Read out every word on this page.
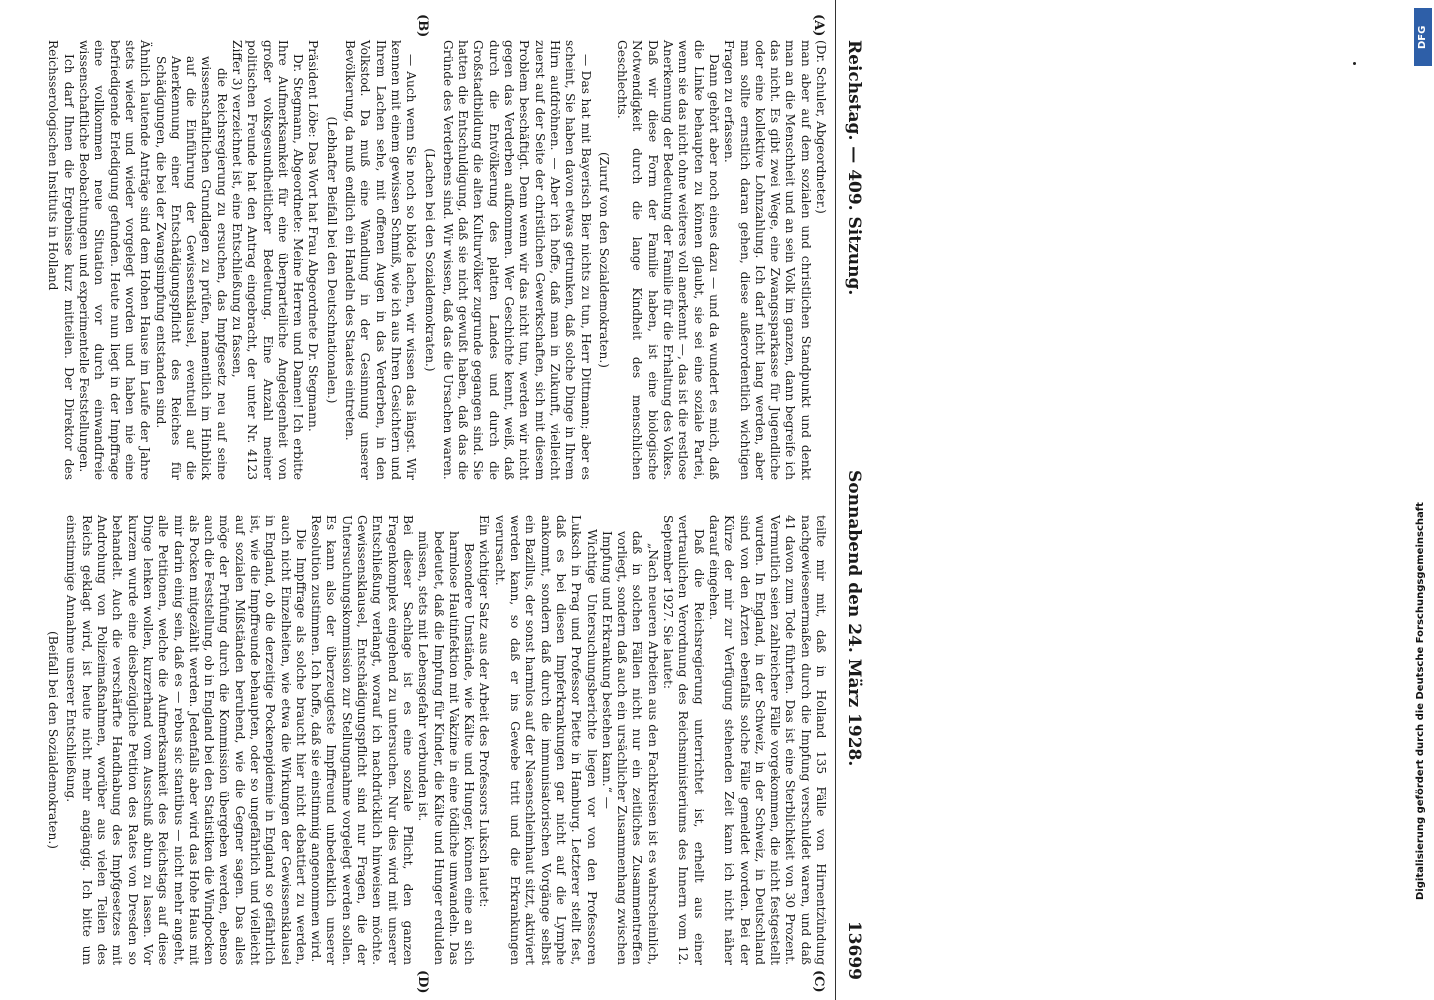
Reichstag. — 409. Sitzung.
Sonnabend den 24. März 1928.
13699
(A)
(B)
(C)
(D)

(Dr. Schuler, Abgeordneter.)

man aber auf dem sozialen und christlichen Standpunkt und denkt man an die Menschheit und an sein Volk im ganzen, dann begreife ich das nicht. Es gibt zwei Wege, eine Zwangssparkasse für Jugendliche oder eine kollektive Lohnzahlung. Ich darf nicht lang werden, aber man sollte ernstlich daran gehen, diese außerordentlich wichtigen Fragen zu erfassen.

Dann gehört aber noch eines dazu — und da wundert es mich, daß die Linke behaupten zu können glaubt, sie sei eine soziale Partei, wenn sie das nicht ohne weiteres voll anerkennt —, das ist die restlose Anerkennung der Bedeutung der Familie für die Erhaltung des Volkes. Daß wir diese Form der Familie haben, ist eine biologische Notwendigkeit durch die lange Kindheit des menschlichen Geschlechts.

(Zuruf von den Sozialdemokraten.)

— Das hat mit Bayerisch Bier nichts zu tun, Herr Dittmann; aber es scheint, Sie haben davon etwas getrunken, daß solche Dinge in Ihrem Hirn aufdröhnen. — Aber ich hoffe, daß man in Zukunft, vielleicht zuerst auf der Seite der christlichen Gewerkschaften, sich mit diesem Problem beschäftigt. Denn wenn wir das nicht tun, werden wir nicht gegen das Verderben aufkommen. Wer Geschichte kennt, weiß, daß durch die Entvölkerung des platten Landes und durch die Großstadtbildung die alten Kulturvölker zugrunde gegangen sind. Sie hatten die Entschuldigung, daß sie nicht gewußt haben, daß das die Gründe des Verderbens sind. Wir wissen, daß das die Ursachen waren.

(Lachen bei den Sozialdemokraten.)

— Auch wenn Sie noch so blöde lachen, wir wissen das längst. Wir kennen mit einem gewissen Schmiß, wie ich aus Ihren Gesichtern und Ihrem Lachen sehe, mit offenen Augen in das Verderben, in den Volkstod. Da muß eine Wandlung in der Gesinnung unserer Bevölkerung, da muß endlich ein Handeln des Staates eintreten.

(Lebhafter Beifall bei den Deutschnationalen.)

Präsident Löbe: Das Wort hat Frau Abgeordnete Dr. Stegmann.

Dr. Stegmann, Abgeordnete: Meine Herren und Damen! Ich erbitte Ihre Aufmerksamkeit für eine überparteiliche Angelegenheit von großer volksgesundheitlicher Bedeutung. Eine Anzahl meiner politischen Freunde hat den Antrag eingebracht, der unter Nr. 4123 Ziffer 3) verzeichnet ist, eine Entschließung zu fassen,

die Reichsregierung zu ersuchen, das Impfgesetz neu auf seine wissenschaftlichen Grundlagen zu prüfen, namentlich im Hinblick auf die Einführung der Gewissensklausel, eventuell auf die Anerkennung einer Entschädigungspflicht des Reiches für Schädigungen, die bei der Zwangsimpfung entstanden sind.

Ähnlich lautende Anträge sind dem Hohen Hause im Laufe der Jahre stets wieder und wieder vorgelegt worden und haben nie eine befriedigende Erledigung gefunden. Heute nun liegt in der Impffrage eine vollkommen neue Situation vor durch einwandfreie wissenschaftliche Beobachtungen und experimentelle Feststellungen.

Ich darf Ihnen die Ergebnisse kurz mitteilen. Der Direktor des Reichsserologischen Instituts in Holland

teilte mir mit, daß in Holland 135 Fälle von Hirnentzündung nachgewiesenermaßen durch die Impfung verschuldet waren, und daß 41 davon zum Tode führten. Das ist eine Sterblichkeit von 30 Prozent. Vermutlich seien zahlreichere Fälle vorgekommen, die nicht festgestellt wurden. In England, in der Schweiz, in der Schweiz, in Deutschland sind von den Ärzten ebenfalls solche Fälle gemeldet worden. Bei der Kürze der mir zur Verfügung stehenden Zeit kann ich nicht näher darauf eingehen.

Daß die Reichsregierung unterrichtet ist, erhellt aus einer vertraulichen Verordnung des Reichsministeriums des Innern vom 12. September 1927. Sie lautet:

„Nach neueren Arbeiten aus den Fachkreisen ist es wahrscheinlich, daß in solchen Fällen nicht nur ein zeitliches Zusammentreffen vorliegt, sondern daß auch ein ursächlicher Zusammenhang zwischen Impfung und Erkrankung bestehen kann.“ —

Wichtige Untersuchungsberichte liegen vor von den Professoren Luksch in Prag und Professor Piette in Hamburg. Letzterer stellt fest, daß es bei diesen Impferkrankungen gar nicht auf die Lymphe ankommt, sondern daß durch die immunisatorischen Vorgänge selbst ein Bazillus, der sonst harmlos auf der Nasenschleimhaut sitzt, aktiviert werden kann, so daß er ins Gewebe tritt und die Erkrankungen verursacht.

Ein wichtiger Satz aus der Arbeit des Professors Luksch lautet:

Besondere Umstände, wie Kälte und Hunger, können eine an sich harmlose Hautinfektion mit Vakzine in eine tödliche umwandeln. Das bedeutet, daß die Impfung für Kinder, die Kälte und Hunger erdulden müssen, stets mit Lebensgefahr verbunden ist.

Bei dieser Sachlage ist es eine soziale Pflicht, den ganzen Fragenkomplex eingehend zu untersuchen. Nur dies wird mit unserer Entschließung verlangt, worauf ich nachdrücklich hinweisen möchte. Gewissensklausel, Entschädigungspflicht sind nur Fragen, die der Untersuchungskommission zur Stellungnahme vorgelegt werden sollen. Es kann also der überzeugteste Impffreund unbedenklich unserer Resolution zustimmen. Ich hoffe, daß sie einstimmig angenommen wird.

Die Impffrage als solche braucht hier nicht debattiert zu werden, auch nicht Einzelheiten, wie etwa die Wirkungen der Gewissensklausel in England, ob die derzeitige Pockenepidemie in England so gefährlich ist, wie die Impffreunde behaupten, oder so ungefährlich und vielleicht auf sozialen Mißständen beruhend, wie die Gegner sagen. Das alles möge der Prüfung durch die Kommission übergeben werden, ebenso auch die Feststellung, ob in England bei den Statistiken die Windpocken als Pocken mitgezählt werden. Jedenfalls aber wird das Hohe Haus mit mir darin einig sein, daß es — rebus sic stantibus — nicht mehr angeht, alle Petitionen, welche die Aufmerksamkeit des Reichstags auf diese Dinge lenken wollen, kurzerhand vom Ausschuß abtun zu lassen. Vor kurzem wurde eine diesbezügliche Petition des Rates von Dresden so behandelt. Auch die verschärfte Handhabung des Impfgesetzes mit Androhung von Polizeimaßnahmen, worüber aus vielen Teilen des Reichs geklagt wird, ist heute nicht mehr angängig. Ich bitte um einstimmige Annahme unserer Entschließung.

(Beifall bei den Sozialdemokraten.)

DFG
Digitalisierung gefördert durch die Deutsche Forschungsgemeinschaft
